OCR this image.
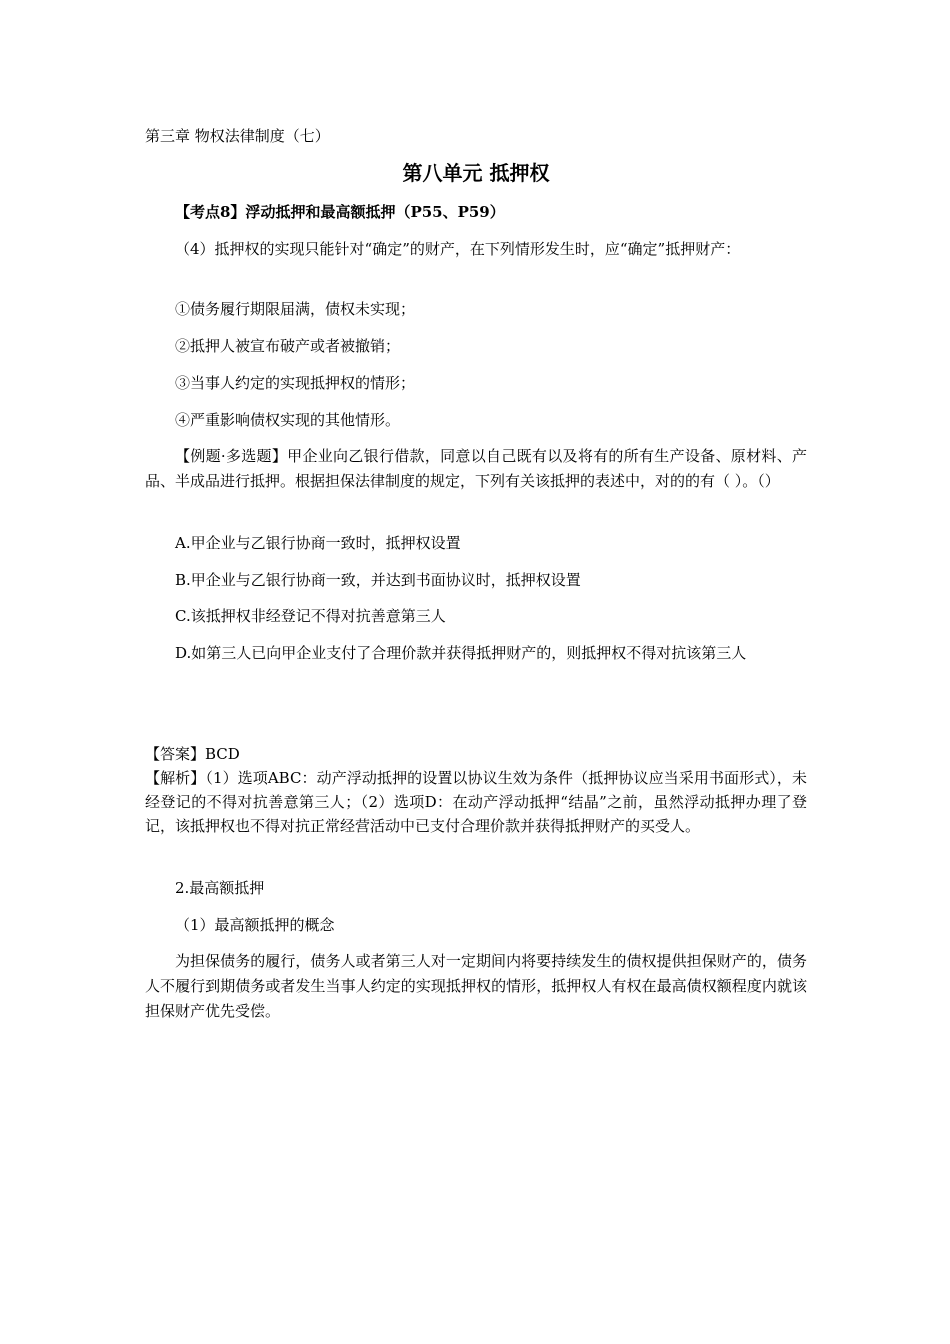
第三章 物权法律制度（七）
第八单元 抵押权
【考点8】浮动抵押和最高额抵押（P55、P59）
（4）抵押权的实现只能针对“确定”的财产，在下列情形发生时，应“确定”抵押财产：
①债务履行期限届满，债权未实现；
②抵押人被宣布破产或者被撤销；
③当事人约定的实现抵押权的情形；
④严重影响债权实现的其他情形。
【例题·多选题】甲企业向乙银行借款，同意以自己既有以及将有的所有生产设备、原材料、产品、半成品进行抵押。根据担保法律制度的规定，下列有关该抵押的表述中，对的的有（ ）。（）
A.甲企业与乙银行协商一致时，抵押权设置
B.甲企业与乙银行协商一致，并达到书面协议时，抵押权设置
C.该抵押权非经登记不得对抗善意第三人
D.如第三人已向甲企业支付了合理价款并获得抵押财产的，则抵押权不得对抗该第三人
【答案】BCD
【解析】（1）选项ABC：动产浮动抵押的设置以协议生效为条件（抵押协议应当采用书面形式），未经登记的不得对抗善意第三人；（2）选项D：在动产浮动抵押“结晶”之前，虽然浮动抵押办理了登记，该抵押权也不得对抗正常经营活动中已支付合理价款并获得抵押财产的买受人。
2.最高额抵押
（1）最高额抵押的概念
为担保债务的履行，债务人或者第三人对一定期间内将要持续发生的债权提供担保财产的，债务人不履行到期债务或者发生当事人约定的实现抵押权的情形，抵押权人有权在最高债权额程度内就该担保财产优先受偿。
